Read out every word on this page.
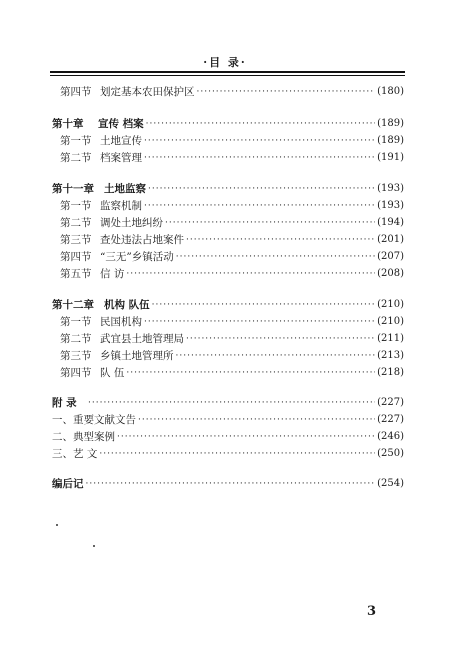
·目 录·
第四节 划定基本农田保护区 ·····	(180)
第十章	宣传 档案 ·····	(189)
第一节 土地宣传 ·····	(189)
第二节 档案管理 ·····	(191)
第十一章 土地监察 ·····	(193)
第一节 监察机制 ·····	(193)
第二节 调处土地纠纷 ·····	(194)
第三节 查处违法占地案件 ·····	(201)
第四节 “三无”乡镇活动 ·····	(207)
第五节 信 访 ·····	(208)
第十二章 机构 队伍 ·····	(210)
第一节 民国机构 ·····	(210)
第二节 武宜县土地管理局 ·····	(211)
第三节 乡镇土地管理所 ·····	(213)
第四节 队 伍 ·····	(218)
附 录 ·····	(227)
一、重要文献文告 ·····	(227)
二、典型案例 ·····	(246)
三、艺 文 ·····	(250)
编后记 ·····	(254)
3
